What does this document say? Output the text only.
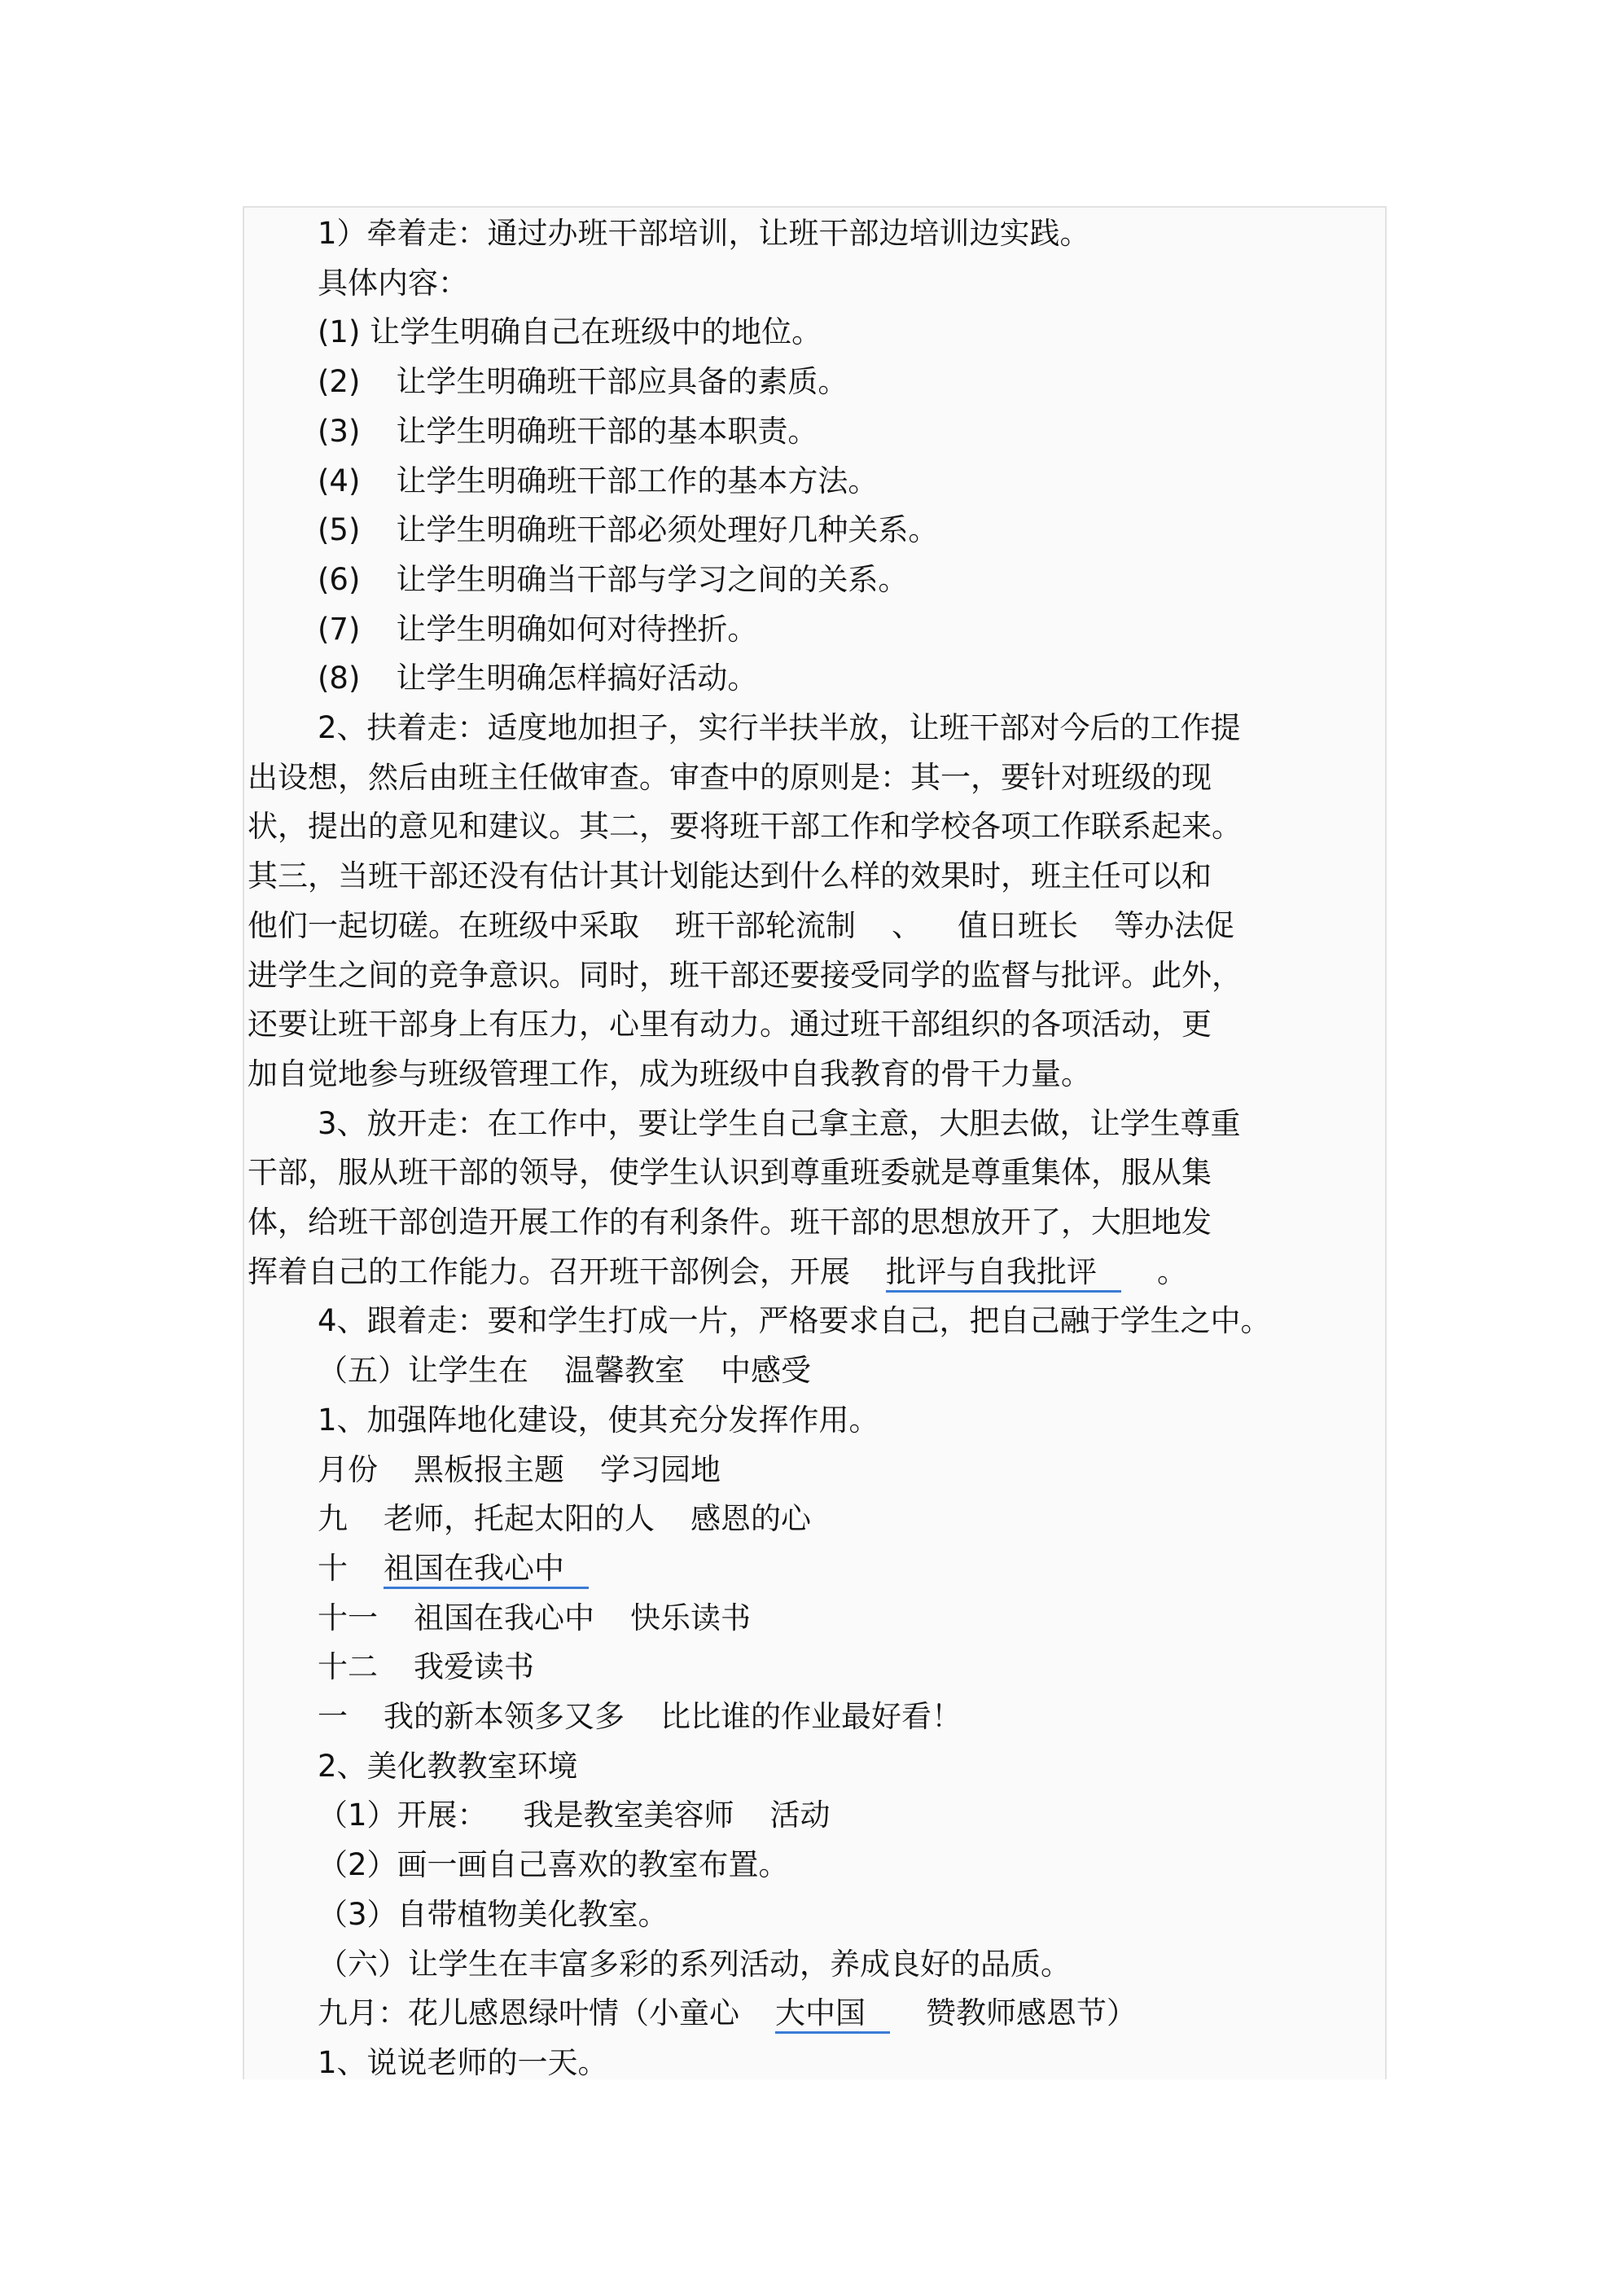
1）牵着走：通过办班干部培训，让班干部边培训边实践。
具体内容：
(1) 让学生明确自己在班级中的地位。
(2) 让学生明确班干部应具备的素质。
(3) 让学生明确班干部的基本职责。
(4) 让学生明确班干部工作的基本方法。
(5) 让学生明确班干部必须处理好几种关系。
(6) 让学生明确当干部与学习之间的关系。
(7) 让学生明确如何对待挫折。
(8) 让学生明确怎样搞好活动。
2、扶着走：适度地加担子，实行半扶半放，让班干部对今后的工作提
出设想，然后由班主任做审查。审查中的原则是：其一，要针对班级的现
状，提出的意见和建议。其二，要将班干部工作和学校各项工作联系起来。
其三，当班干部还没有估计其计划能达到什么样的效果时，班主任可以和
他们一起切磋。在班级中采取 班干部轮流制 、 值日班长 等办法促
进学生之间的竞争意识。同时，班干部还要接受同学的监督与批评。此外，
还要让班干部身上有压力，心里有动力。通过班干部组织的各项活动，更
加自觉地参与班级管理工作，成为班级中自我教育的骨干力量。
3、放开走：在工作中，要让学生自己拿主意，大胆去做，让学生尊重
干部，服从班干部的领导，使学生认识到尊重班委就是尊重集体，服从集
体，给班干部创造开展工作的有利条件。班干部的思想放开了，大胆地发
挥着自己的工作能力。召开班干部例会，开展 批评与自我批评 。
4、跟着走：要和学生打成一片，严格要求自己，把自己融于学生之中。
（五）让学生在 温馨教室 中感受
1、加强阵地化建设，使其充分发挥作用。
月份 黑板报主题 学习园地
九 老师，托起太阳的人 感恩的心
十 祖国在我心中
十一 祖国在我心中 快乐读书
十二 我爱读书
一 我的新本领多又多 比比谁的作业最好看！
2、美化教教室环境
（1）开展： 我是教室美容师 活动
（2）画一画自己喜欢的教室布置。
（3）自带植物美化教室。
（六）让学生在丰富多彩的系列活动，养成良好的品质。
九月：花儿感恩绿叶情（小童心 大中国 赞教师感恩节）
1、说说老师的一天。
